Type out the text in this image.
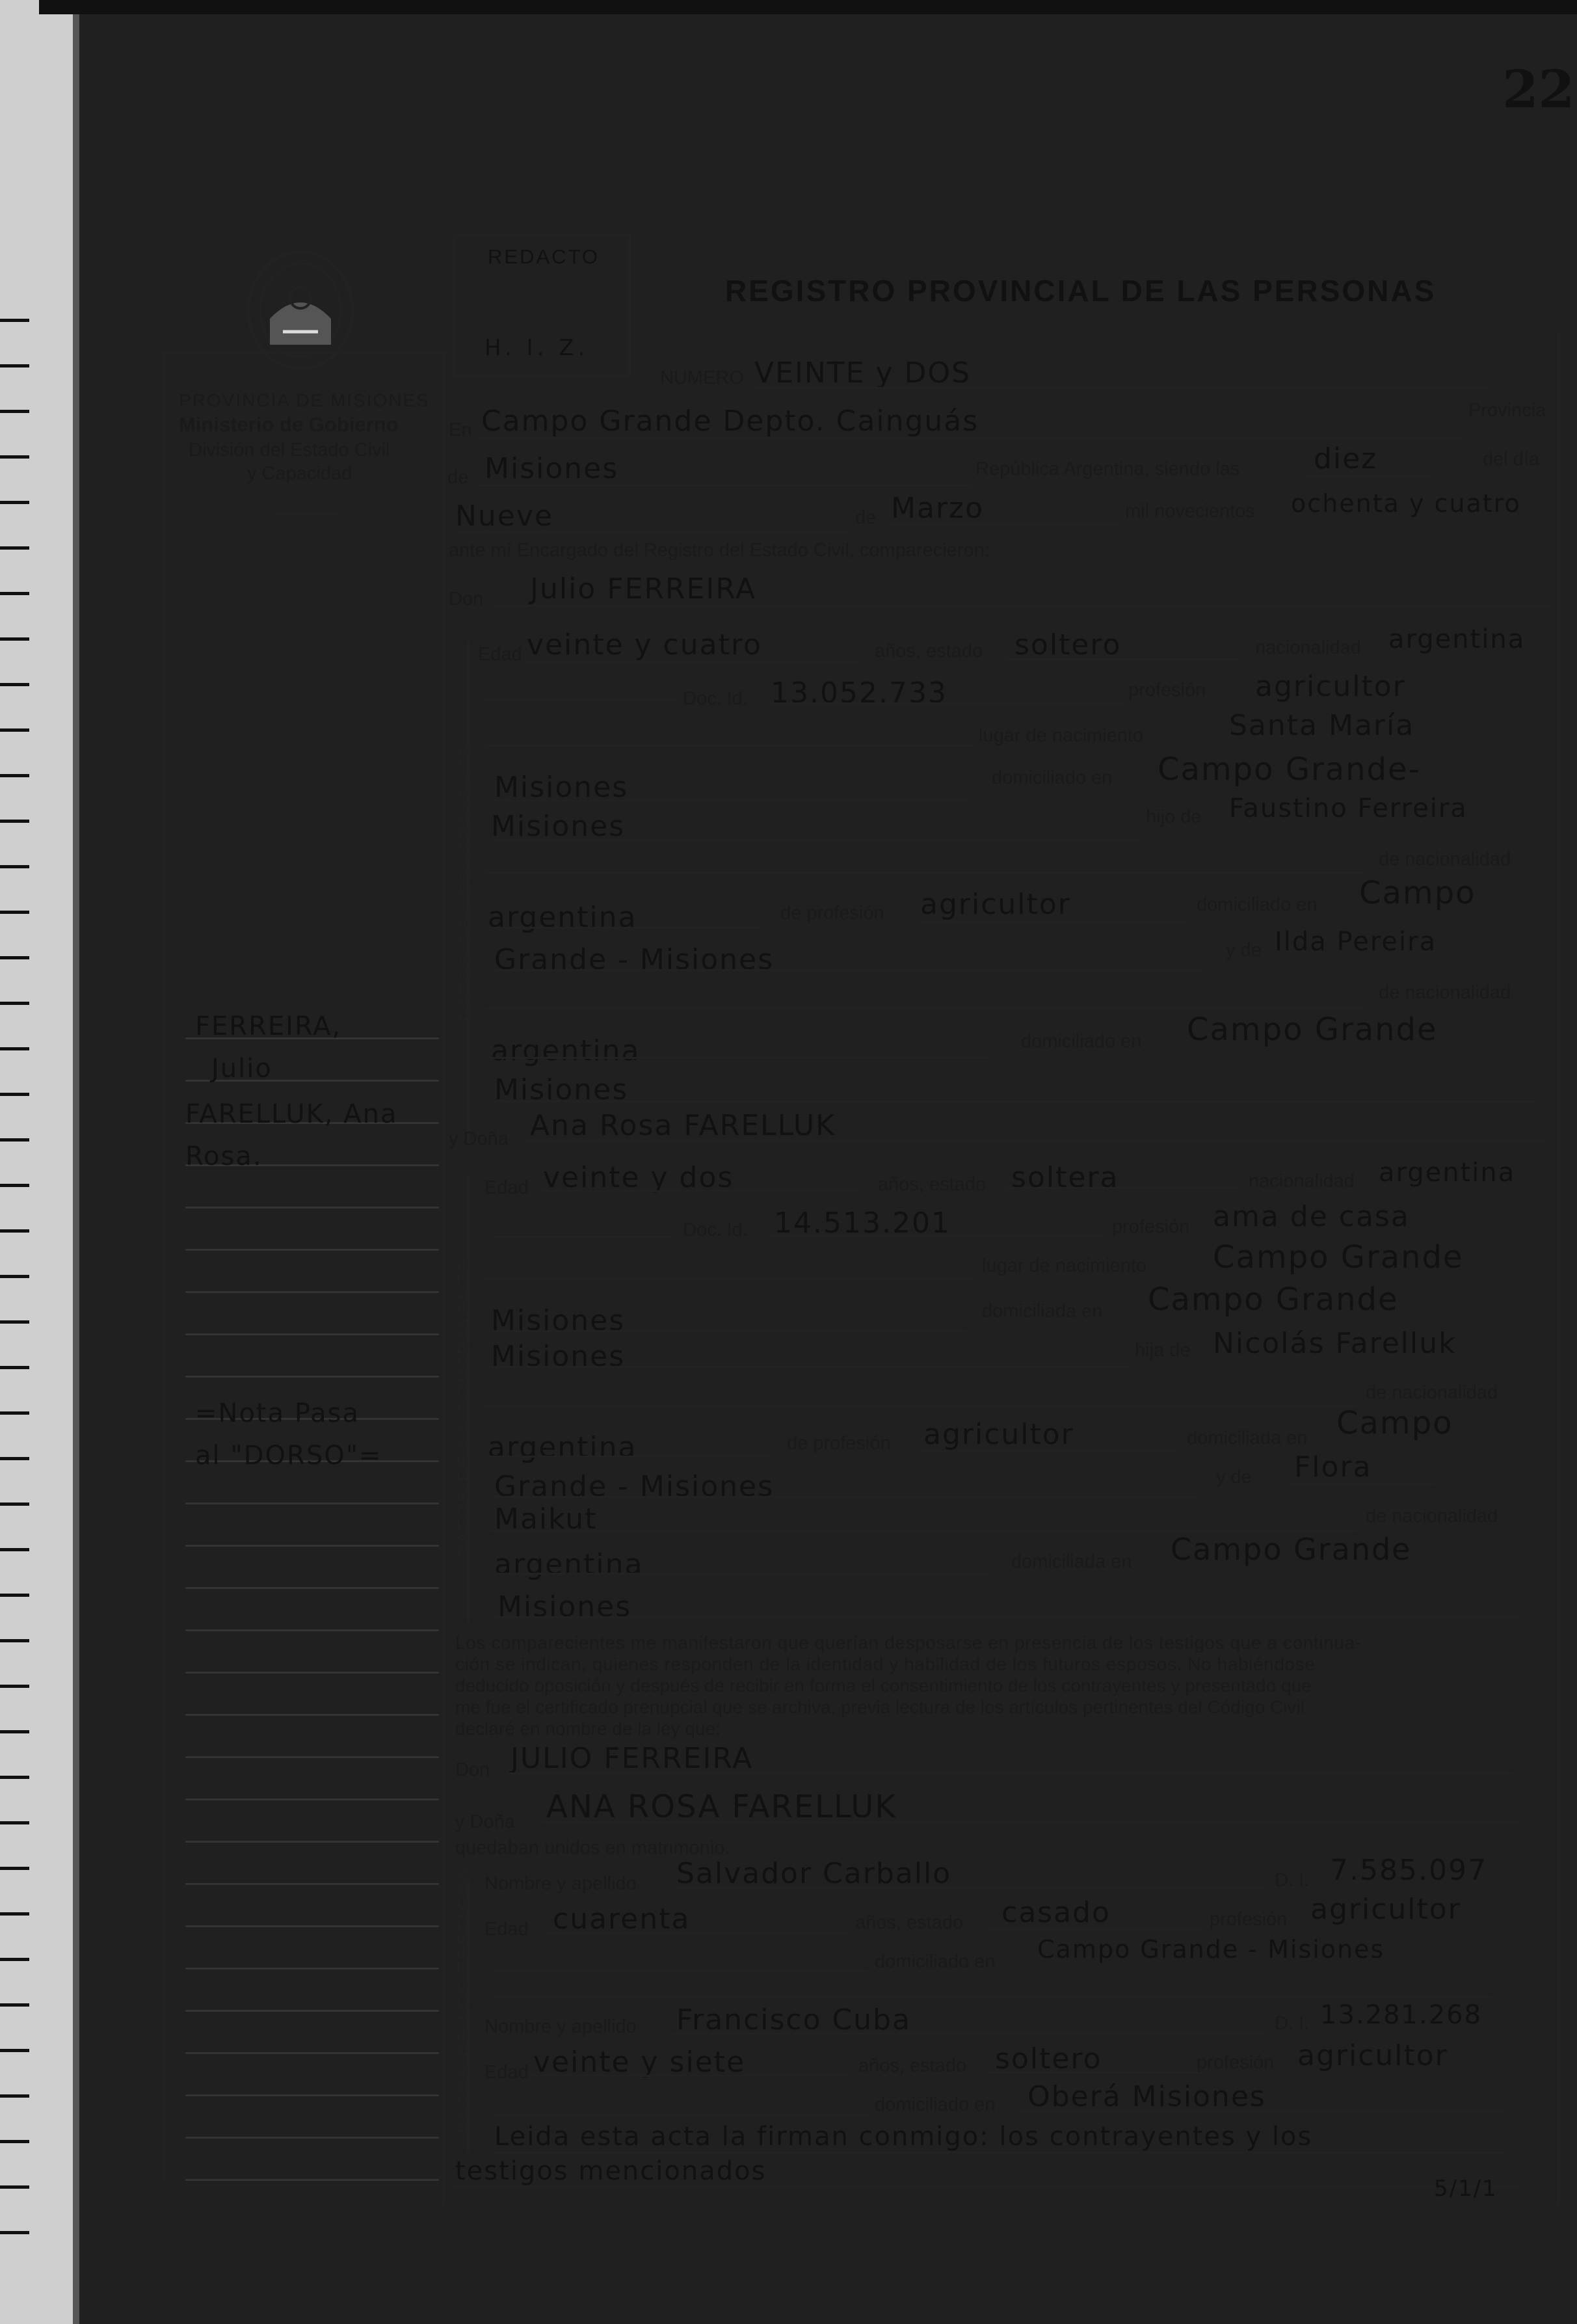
22
PROVINCIA DE MISIONES
Ministerio de Gobierno
División del Estado Civil
y Capacidad
FERREIRA,
Julio
FARELLUK, Ana
Rosa.
=Nota Pasa
al "DORSO"=
REDACTO
H. I. Z.
REGISTRO PROVINCIAL DE LAS PERSONAS
NUMERO VEINTE y DOS
En Campo Grande Depto. Cainguás	Provincia
de Misiones	República Argentina, siendo las	diez	del día
Nueve	de Marzo	mil novecientos ochenta y cuatro
ante mí Encargado del Registro del Estado Civil, comparecieron:
Don Julio FERREIRA
DATOS DEL CONTRAYENTE
Edad veinte y cuatro	años, estado soltero	nacionalidad argentina
Doc. Id. 13.052.733	profesión agricultor
lugar de nacimiento	Santa María
Misiones	domiciliado en Campo Grande-
Misiones	hijo de Faustino Ferreira
de nacionalidad
argentina	de profesión agricultor	domiciliado en Campo
Grande - Misiones	y de Ilda Pereira
de nacionalidad
argentina	domiciliado en Campo Grande
Misiones
y Doña Ana Rosa FARELLUK
DATOS DE LA CONTRAYENTE
Edad veinte y dos	años, estado soltera	nacionalidad argentina
Doc. Id. 14.513.201	profesión ama de casa
lugar de nacimiento Campo Grande
Misiones	domiciliada en Campo Grande
Misiones	hija de Nicolás Farelluk
de nacionalidad
argentina	de profesión agricultor	domiciliada en Campo
Grande - Misiones	y de Flora
Maikut	de nacionalidad
argentina	domiciliada en Campo Grande
Misiones
Los comparecientes me manifestaron que querían desposarse en presencia de los testigos que a continua-
ción se indican, quienes responden de la identidad y habilidad de los futuros esposos. No habiéndose
deducido oposición y después de recibir en forma el consentimiento de los contrayentes y presentado que
me fue el certificado prenupcial que se archiva, previa lectura de los artículos pertinentes del Código Civil
declaré en nombre de la ley que:
Don JULIO FERREIRA
y Doña ANA ROSA FARELLUK
quedaban unidos en matrimonio.
DATOS DE LOS TESTIGOS Nombre y apellido Salvador Carballo	D. I. 7.585.097
Edad cuarenta	años, estado casado	profesión agricultor
domiciliado en Campo Grande - Misiones
Nombre y apellido Francisco Cuba	D. I. 13.281.268
Edad veinte y siete	años, estado soltero	profesión agricultor
domiciliado en Oberá Misiones
Leida esta acta la firman conmigo: los contrayentes y los
testigos mencionados
5/1/1
